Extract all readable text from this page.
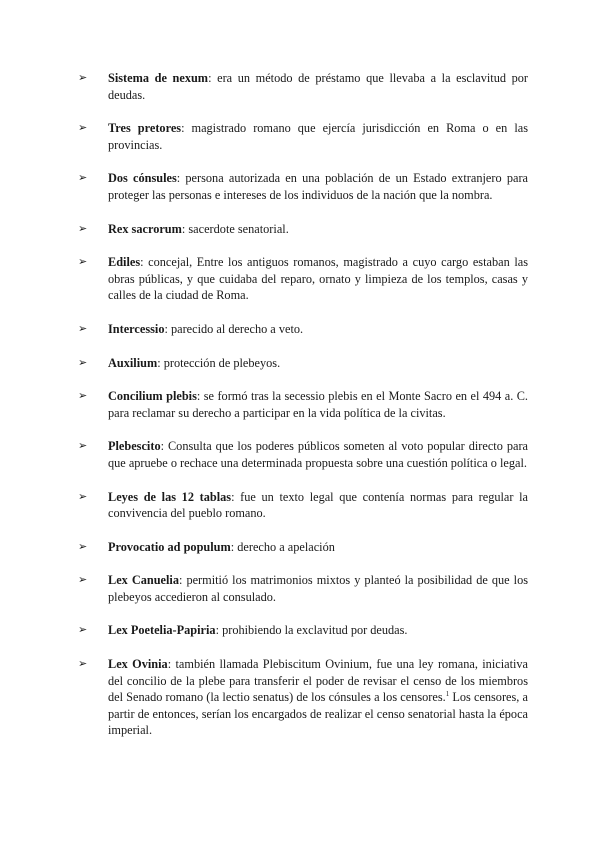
➢ Sistema de nexum: era un método de préstamo que llevaba a la esclavitud por deudas.
➢ Tres pretores: magistrado romano que ejercía jurisdicción en Roma o en las provincias.
➢ Dos cónsules: persona autorizada en una población de un Estado extranjero para proteger las personas e intereses de los individuos de la nación que la nombra.
➢ Rex sacrorum: sacerdote senatorial.
➢ Ediles: concejal, Entre los antiguos romanos, magistrado a cuyo cargo estaban las obras públicas, y que cuidaba del reparo, ornato y limpieza de los templos, casas y calles de la ciudad de Roma.
➢ Intercessio: parecido al derecho a veto.
➢ Auxilium: protección de plebeyos.
➢ Concilium plebis: se formó tras la secessio plebis en el Monte Sacro en el 494 a. C. para reclamar su derecho a participar en la vida política de la civitas.
➢ Plebescito: Consulta que los poderes públicos someten al voto popular directo para que apruebe o rechace una determinada propuesta sobre una cuestión política o legal.
➢ Leyes de las 12 tablas: fue un texto legal que contenía normas para regular la convivencia del pueblo romano.
➢ Provocatio ad populum: derecho a apelación
➢ Lex Canuelia: permitió los matrimonios mixtos y planteó la posibilidad de que los plebeyos accedieron al consulado.
➢ Lex Poetelia-Papiria: prohibiendo la exclavitud por deudas.
➢ Lex Ovinia: también llamada Plebiscitum Ovinium, fue una ley romana, iniciativa del concilio de la plebe para transferir el poder de revisar el censo de los miembros del Senado romano (la lectio senatus) de los cónsules a los censores.$^1$ Los censores, a partir de entonces, serían los encargados de realizar el censo senatorial hasta la época imperial.
